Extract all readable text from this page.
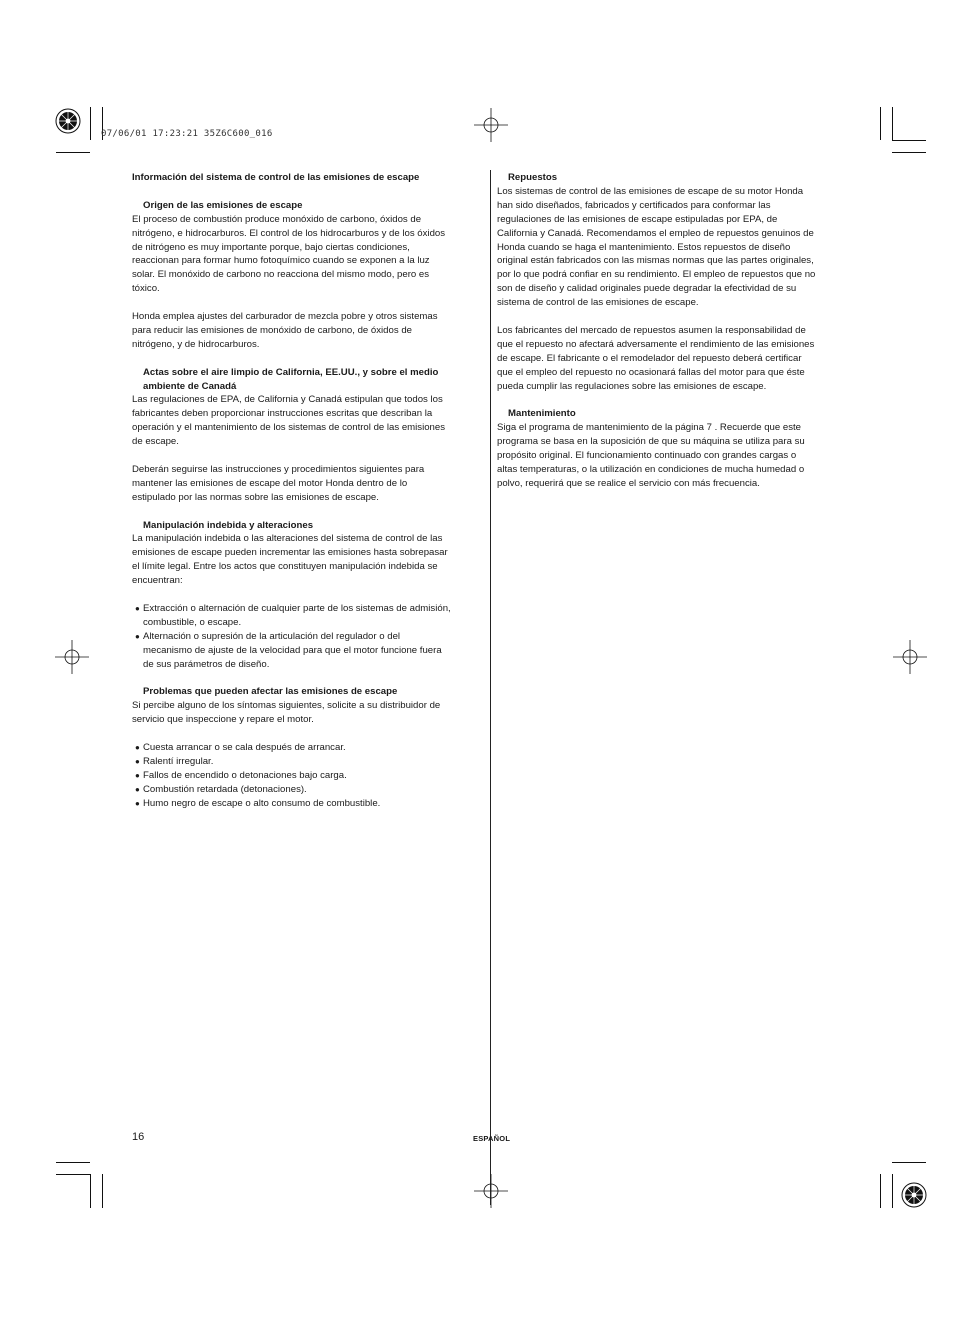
07/06/01 17:23:21 35Z6C600_016

Información del sistema de control de las emisiones de escape

Origen de las emisiones de escape

El proceso de combustión produce monóxido de carbono, óxidos de

nitrógeno, e hidrocarburos. El control de los hidrocarburos y de los óxidos

de nitrógeno es muy importante porque, bajo ciertas condiciones,

reaccionan para formar humo fotoquímico cuando se exponen a la luz

solar. El monóxido de carbono no reacciona del mismo modo, pero es

tóxico.

Honda emplea ajustes del carburador de mezcla pobre y otros sistemas

para reducir las emisiones de monóxido de carbono, de óxidos de

nitrógeno, y de hidrocarburos.

Actas sobre el aire limpio de California, EE.UU., y sobre el medio

ambiente de Canadá

Las regulaciones de EPA, de California y Canadá estipulan que todos los

fabricantes deben proporcionar instrucciones escritas que describan la

operación y el mantenimiento de los sistemas de control de las emisiones

de escape.

Deberán seguirse las instrucciones y procedimientos siguientes para

mantener las emisiones de escape del motor Honda dentro de lo

estipulado por las normas sobre las emisiones de escape.

Manipulación indebida y alteraciones

La manipulación indebida o las alteraciones del sistema de control de las

emisiones de escape pueden incrementar las emisiones hasta sobrepasar

el límite legal. Entre los actos que constituyen manipulación indebida se

encuentran:

● Extracción o alternación de cualquier parte de los sistemas de admisión,

combustible, o escape.

● Alternación o supresión de la articulación del regulador o del

mecanismo de ajuste de la velocidad para que el motor funcione fuera

de sus parámetros de diseño.

Problemas que pueden afectar las emisiones de escape

Si percibe alguno de los síntomas siguientes, solicite a su distribuidor de

servicio que inspeccione y repare el motor.

● Cuesta arrancar o se cala después de arrancar.

● Ralentí irregular.

● Fallos de encendido o detonaciones bajo carga.

● Combustión retardada (detonaciones).

● Humo negro de escape o alto consumo de combustible.

Repuestos

Los sistemas de control de las emisiones de escape de su motor Honda

han sido diseñados, fabricados y certificados para conformar las

regulaciones de las emisiones de escape estipuladas por EPA, de

California y Canadá. Recomendamos el empleo de repuestos genuinos de

Honda cuando se haga el mantenimiento. Estos repuestos de diseño

original están fabricados con las mismas normas que las partes originales,

por lo que podrá confiar en su rendimiento. El empleo de repuestos que no

son de diseño y calidad originales puede degradar la efectividad de su

sistema de control de las emisiones de escape.

Los fabricantes del mercado de repuestos asumen la responsabilidad de

que el repuesto no afectará adversamente el rendimiento de las emisiones

de escape. El fabricante o el remodelador del repuesto deberá certificar

que el empleo del repuesto no ocasionará fallas del motor para que éste

pueda cumplir las regulaciones sobre las emisiones de escape.

Mantenimiento

Siga el programa de mantenimiento de la página 7 . Recuerde que este

programa se basa en la suposición de que su máquina se utiliza para su

propósito original. El funcionamiento continuado con grandes cargas o

altas temperaturas, o la utilización en condiciones de mucha humedad o

polvo, requerirá que se realice el servicio con más frecuencia.

16	ESPAÑOL
